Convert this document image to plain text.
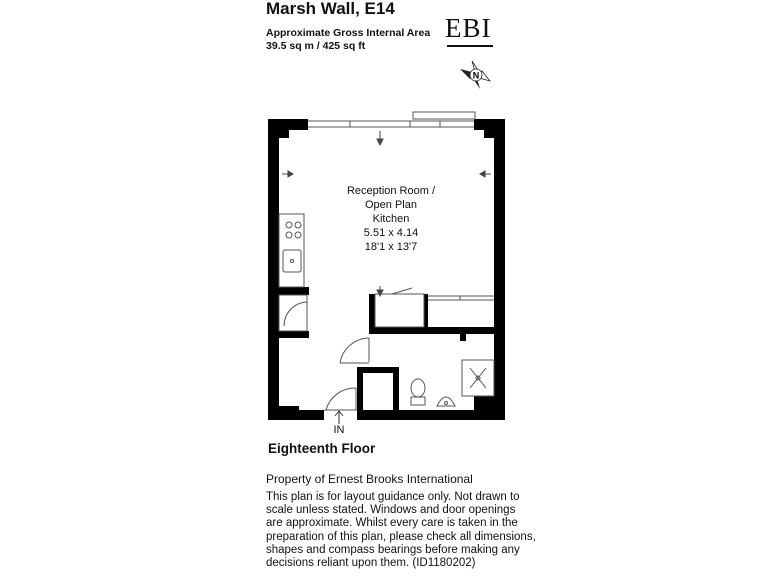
Marsh Wall, E14
Approximate Gross Internal Area
39.5 sq m / 425 sq ft
EBI
N
IN
Reception Room /
Open Plan
Kitchen
5.51 x 4.14
18'1 x 13'7
Eighteenth Floor
Property of Ernest Brooks International
This plan is for layout guidance only. Not drawn to
scale unless stated. Windows and door openings
are approximate. Whilst every care is taken in the
preparation of this plan, please check all dimensions,
shapes and compass bearings before making any
decisions reliant upon them. (ID1180202)
